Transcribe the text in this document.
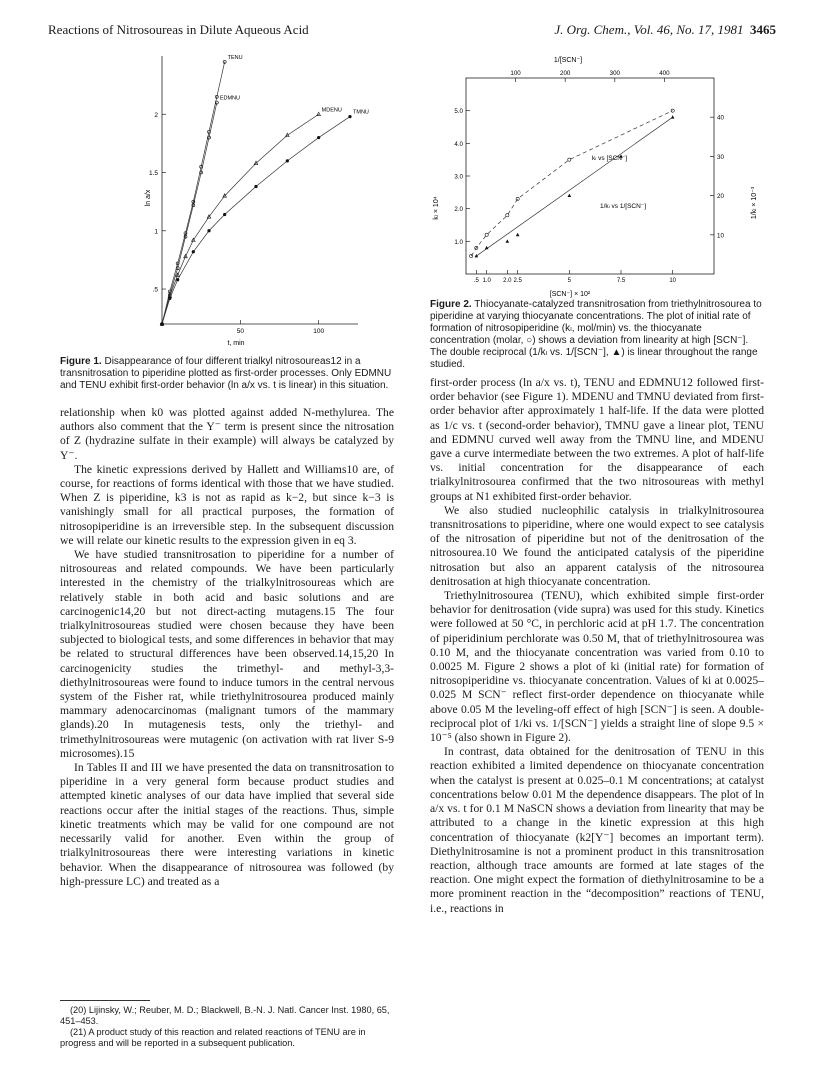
Reactions of Nitrosoureas in Dilute Aqueous Acid	J. Org. Chem., Vol. 46, No. 17, 1981 3465
.5
1
1.5
2
50	100
TENU
EDMNU
MDENU TMNU
ln a/x
t, min
Figure 1. Disappearance of four different trialkyl nitrosoureas12 in a transnitrosation to piperidine plotted as first-order processes. Only EDMNU and TENU exhibit first-order behavior (ln a/x vs. t is linear) in this situation.
1.0
2.0
3.0
4.0
5.0
10
20
30
40
.5 1.0 2.0 2.5	5	7.5	10
100	200	300	400
1/[SCN⁻]
[SCN⁻] × 10²
kₗ × 10⁴	1/kₗ × 10⁻³
kₗ vs [SCN⁻]
1/kₗ vs 1/[SCN⁻]
Figure 2. Thiocyanate-catalyzed transnitrosation from triethylnitrosourea to piperidine at varying thiocyanate concentrations. The plot of initial rate of formation of nitrosopiperidine (kₗ, mol/min) vs. the thiocyanate concentration (molar, ○) shows a deviation from linearity at high [SCN⁻]. The double reciprocal (1/kₗ vs. 1/[SCN⁻], ▲) is linear throughout the range studied.

relationship when k0 was plotted against added N-methylurea. The authors also comment that the Y⁻ term is present since the nitrosation of Z (hydrazine sulfate in their example) will always be catalyzed by Y⁻.

The kinetic expressions derived by Hallett and Williams10 are, of course, for reactions of forms identical with those that we have studied. When Z is piperidine, k3 is not as rapid as k−2, but since k−3 is vanishingly small for all practical purposes, the formation of nitrosopiperidine is an irreversible step. In the subsequent discussion we will relate our kinetic results to the expression given in eq 3.

We have studied transnitrosation to piperidine for a number of nitrosoureas and related compounds. We have been particularly interested in the chemistry of the trialkylnitrosoureas which are relatively stable in both acid and basic solutions and are carcinogenic14,20 but not direct-acting mutagens.15 The four trialkylnitrosoureas studied were chosen because they have been subjected to biological tests, and some differences in behavior that may be related to structural differences have been observed.14,15,20 In carcinogenicity studies the trimethyl- and methyl-3,3-diethylnitrosoureas were found to induce tumors in the central nervous system of the Fisher rat, while triethylnitrosourea produced mainly mammary adenocarcinomas (malignant tumors of the mammary glands).20 In mutagenesis tests, only the triethyl- and trimethylnitrosoureas were mutagenic (on activation with rat liver S-9 microsomes).15

In Tables II and III we have presented the data on transnitrosation to piperidine in a very general form because product studies and attempted kinetic analyses of our data have implied that several side reactions occur after the initial stages of the reactions. Thus, simple kinetic treatments which may be valid for one compound are not necessarily valid for another. Even within the group of trialkylnitrosoureas there were interesting variations in kinetic behavior. When the disappearance of nitrosourea was followed (by high-pressure LC) and treated as a

first-order process (ln a/x vs. t), TENU and EDMNU12 followed first-order behavior (see Figure 1). MDENU and TMNU deviated from first-order behavior after approximately 1 half-life. If the data were plotted as 1/c vs. t (second-order behavior), TMNU gave a linear plot, TENU and EDMNU curved well away from the TMNU line, and MDENU gave a curve intermediate between the two extremes. A plot of half-life vs. initial concentration for the disappearance of each trialkylnitrosourea confirmed that the two nitrosoureas with methyl groups at N1 exhibited first-order behavior.

We also studied nucleophilic catalysis in trialkylnitrosourea transnitrosations to piperidine, where one would expect to see catalysis of the nitrosation of piperidine but not of the denitrosation of the nitrosourea.10 We found the anticipated catalysis of the piperidine nitrosation but also an apparent catalysis of the nitrosourea denitrosation at high thiocyanate concentration.

Triethylnitrosourea (TENU), which exhibited simple first-order behavior for denitrosation (vide supra) was used for this study. Kinetics were followed at 50 °C, in perchloric acid at pH 1.7. The concentration of piperidinium perchlorate was 0.50 M, that of triethylnitrosourea was 0.10 M, and the thiocyanate concentration was varied from 0.10 to 0.0025 M. Figure 2 shows a plot of ki (initial rate) for formation of nitrosopiperidine vs. thiocyanate concentration. Values of ki at 0.0025–0.025 M SCN⁻ reflect first-order dependence on thiocyanate while above 0.05 M the leveling-off effect of high [SCN⁻] is seen. A double-reciprocal plot of 1/ki vs. 1/[SCN⁻] yields a straight line of slope 9.5 × 10⁻⁵ (also shown in Figure 2).

In contrast, data obtained for the denitrosation of TENU in this reaction exhibited a limited dependence on thiocyanate concentration when the catalyst is present at 0.025–0.1 M concentrations; at catalyst concentrations below 0.01 M the dependence disappears. The plot of ln a/x vs. t for 0.1 M NaSCN shows a deviation from linearity that may be attributed to a change in the kinetic expression at this high concentration of thiocyanate (k2[Y⁻] becomes an important term). Diethylnitrosamine is not a prominent product in this transnitrosation reaction, although trace amounts are formed at late stages of the reaction. One might expect the formation of diethylnitrosamine to be a more prominent reaction in the “decomposition” reactions of TENU, i.e., reactions in

(20) Lijinsky, W.; Reuber, M. D.; Blackwell, B.-N. J. Natl. Cancer Inst. 1980, 65, 451–453.

(21) A product study of this reaction and related reactions of TENU are in progress and will be reported in a subsequent publication.
